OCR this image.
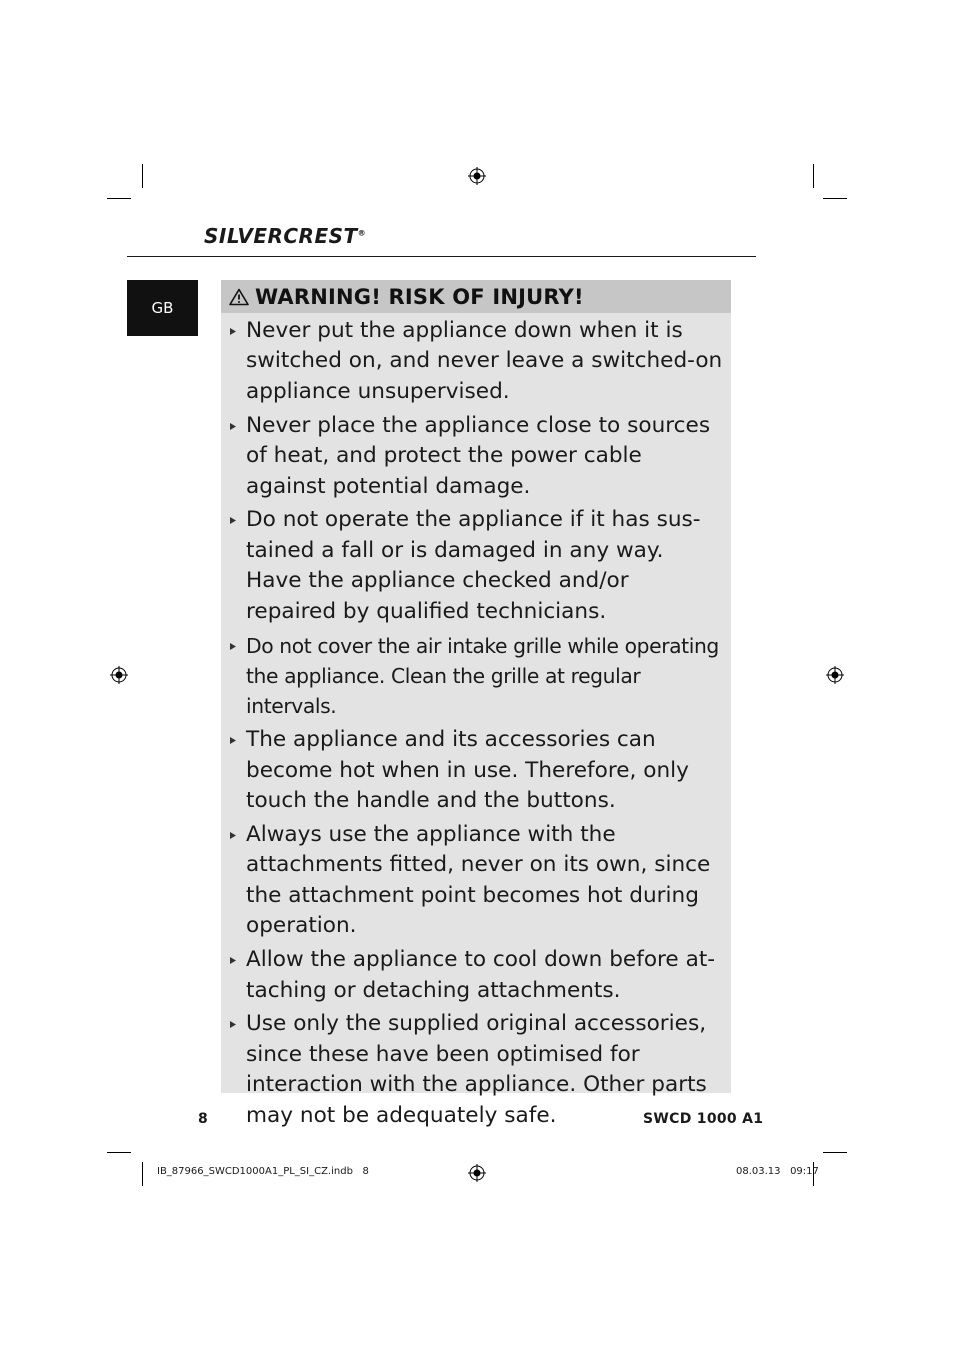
SILVERCREST®
GB	WARNING! RISK OF INJURY!
Never put the appliance down when it is switched on, and never leave a switched-on appliance unsupervised.
Never place the appliance close to sources of heat, and protect the power cable against potential damage.
Do not operate the appliance if it has sus- tained a fall or is damaged in any way. Have the appliance checked and/or repaired by qualified technicians.
Do not cover the air intake grille while operating the appliance. Clean the grille at regular intervals.
The appliance and its accessories can become hot when in use. Therefore, only touch the handle and the buttons.
Always use the appliance with the attachments fitted, never on its own, since the attachment point becomes hot during operation.
Allow the appliance to cool down before at- taching or detaching attachments.
Use only the supplied original accessories, since these have been optimised for interaction with the appliance. Other parts may not be adequately safe.
8	SWCD 1000 A1
IB_87966_SWCD1000A1_PL_SI_CZ.indb   8	08.03.13   09:17
